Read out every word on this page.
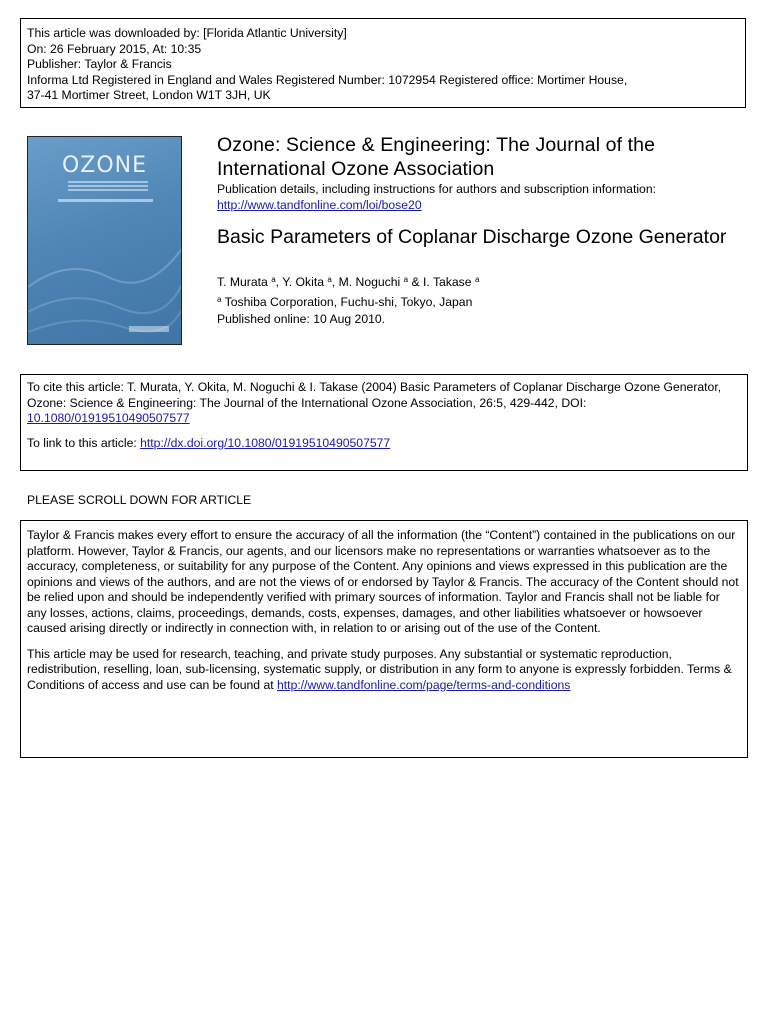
This article was downloaded by: [Florida Atlantic University]
On: 26 February 2015, At: 10:35
Publisher: Taylor & Francis
Informa Ltd Registered in England and Wales Registered Number: 1072954 Registered office: Mortimer House,
37-41 Mortimer Street, London W1T 3JH, UK
OZONE
Ozone: Science & Engineering: The Journal of the International Ozone Association
Publication details, including instructions for authors and subscription information:
http://www.tandfonline.com/loi/bose20
Basic Parameters of Coplanar Discharge Ozone Generator
T. Murata $^a$, Y. Okita $^a$, M. Noguchi $^a$ & I. Takase $^a$
$^a$ Toshiba Corporation, Fuchu-shi, Tokyo, Japan
Published online: 10 Aug 2010.
To cite this article: T. Murata, Y. Okita, M. Noguchi & I. Takase (2004) Basic Parameters of Coplanar Discharge Ozone Generator, Ozone: Science & Engineering: The Journal of the International Ozone Association, 26:5, 429-442, DOI:
10.1080/01919510490507577
To link to this article: http://dx.doi.org/10.1080/01919510490507577
PLEASE SCROLL DOWN FOR ARTICLE

Taylor & Francis makes every effort to ensure the accuracy of all the information (the “Content”) contained in the publications on our platform. However, Taylor & Francis, our agents, and our licensors make no representations or warranties whatsoever as to the accuracy, completeness, or suitability for any purpose of the Content. Any opinions and views expressed in this publication are the opinions and views of the authors, and are not the views of or endorsed by Taylor & Francis. The accuracy of the Content should not be relied upon and should be independently verified with primary sources of information. Taylor and Francis shall not be liable for any losses, actions, claims, proceedings, demands, costs, expenses, damages, and other liabilities whatsoever or howsoever caused arising directly or indirectly in connection with, in relation to or arising out of the use of the Content.

This article may be used for research, teaching, and private study purposes. Any substantial or systematic reproduction, redistribution, reselling, loan, sub-licensing, systematic supply, or distribution in any form to anyone is expressly forbidden. Terms & Conditions of access and use can be found at http://www.tandfonline.com/page/terms-and-conditions
